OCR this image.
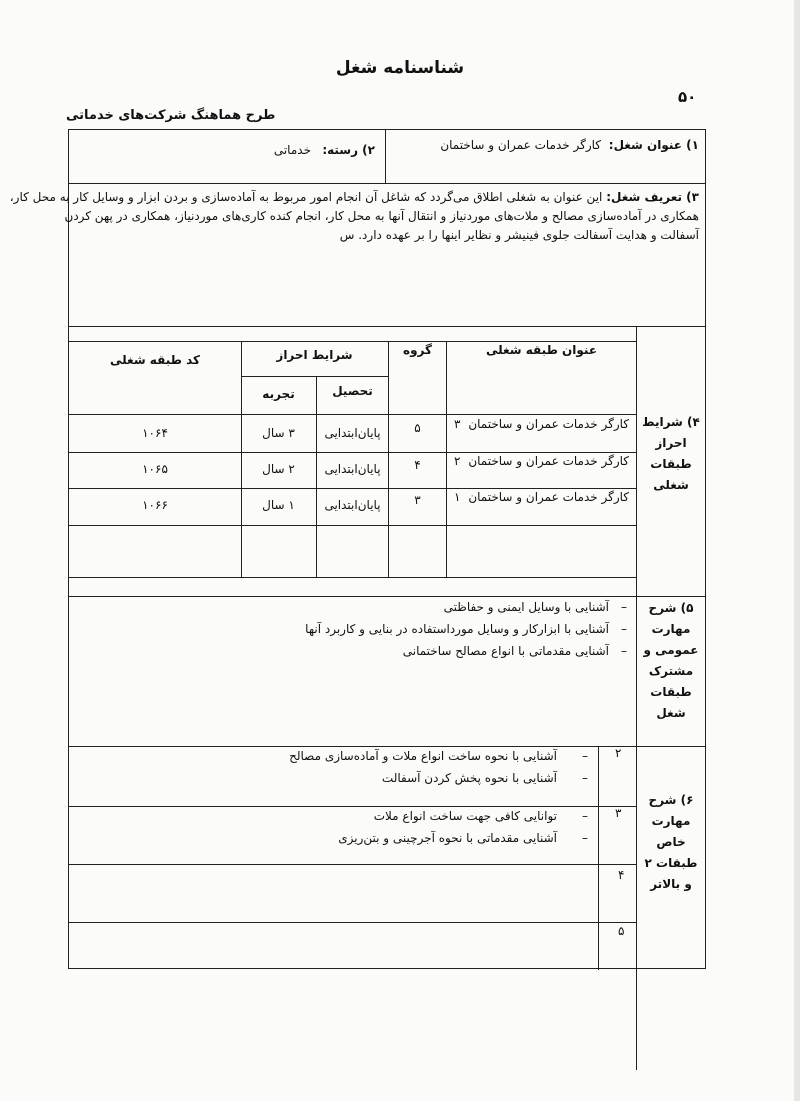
شناسنامه شغل
۵۰
طرح هماهنگ شرکت‌های خدماتی
۱) عنوان شغل:
کارگر خدمات عمران و ساختمان
۲) رسته:
خدماتی
۳) تعریف شغل: این عنوان به شغلی اطلاق می‌گردد که شاغل آن انجام امور مربوط به آماده‌سازی و بردن ابزار و وسایل کار به محل کار،
همکاری در آماده‌سازی مصالح و ملات‌های موردنیاز و انتقال آنها به محل کار، انجام کنده کاری‌های موردنیاز، همکاری در پهن کردن
آسفالت و هدایت آسفالت جلوی فینیشر و نظایر اینها را بر عهده دارد. س
۴) شرایط
احراز
طبقات
شغلی
عنوان طبقه شغلی
گروه
شرایط احراز
کد طبقه شغلی
تحصیل
تجربه
کارگر خدمات عمران و ساختمان
۳
۵
پایان‌ابتدایی
۳ سال
۱۰۶۴
کارگر خدمات عمران و ساختمان
۲
۴
پایان‌ابتدایی
۲ سال
۱۰۶۵
کارگر خدمات عمران و ساختمان
۱
۳
پایان‌ابتدایی
۱ سال
۱۰۶۶
۵) شرح
مهارت
عمومی و
مشترک
طبقات
شغل
–
آشنایی با وسایل ایمنی و حفاظتی
–
آشنایی با ابزارکار و وسایل مورداستفاده در بنایی و کاربرد آنها
–
آشنایی مقدماتی با انواع مصالح ساختمانی
۶) شرح
مهارت
خاص
طبقات ۲
و بالاتر
۲
–
آشنایی با نحوه ساخت انواع ملات و آماده‌سازی مصالح
–
آشنایی با نحوه پخش کردن آسفالت
۳
–
توانایی کافی جهت ساخت انواع ملات
–
آشنایی مقدماتی با نحوه آجرچینی و بتن‌ریزی
۴
۵
